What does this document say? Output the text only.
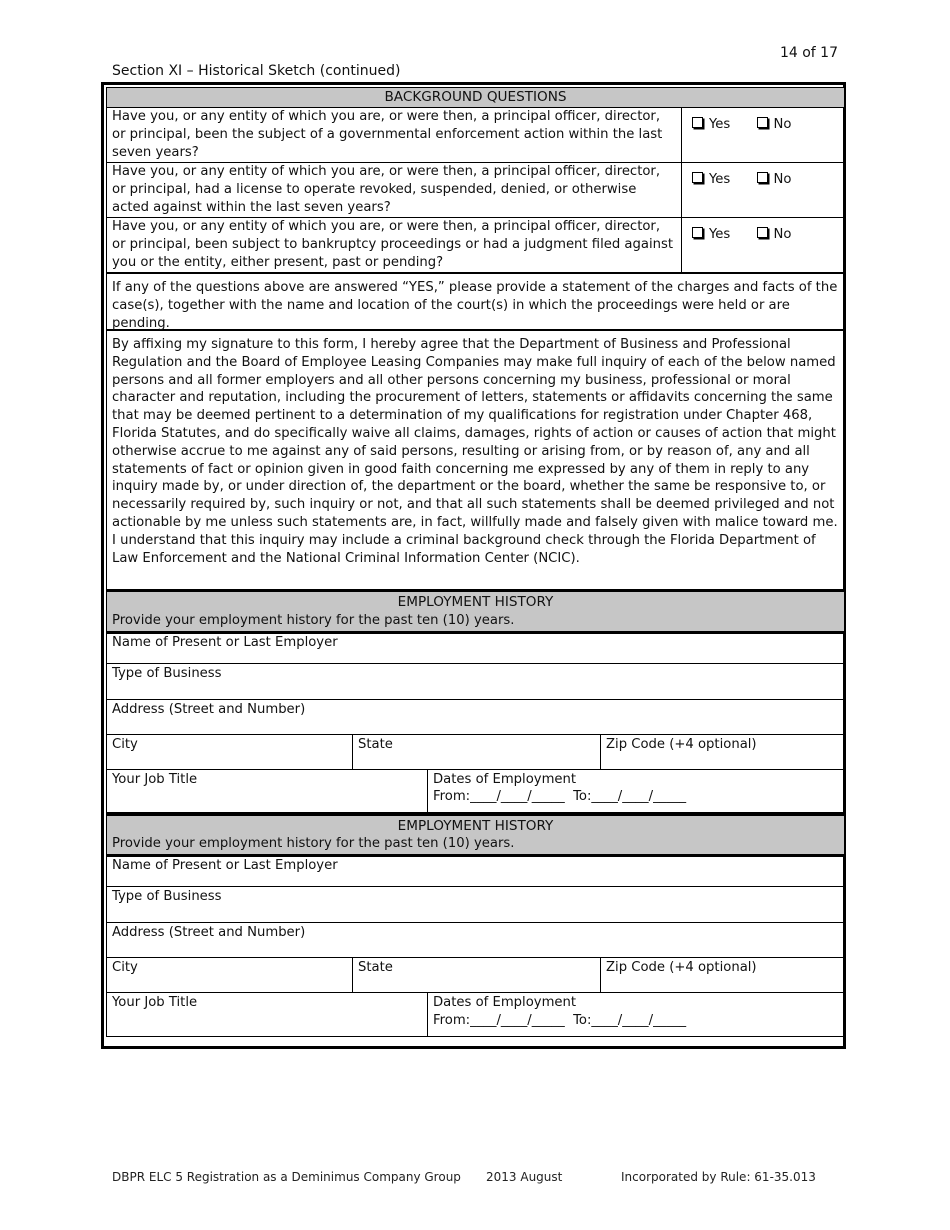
14 of 17
Section XI – Historical Sketch (continued)
BACKGROUND QUESTIONS
Have you, or any entity of which you are, or were then, a principal officer, director, or principal, been the subject of a governmental enforcement action within the last seven years?
Yes	No
Have you, or any entity of which you are, or were then, a principal officer, director, or principal, had a license to operate revoked, suspended, denied, or otherwise acted against within the last seven years?
Yes	No
Have you, or any entity of which you are, or were then, a principal officer, director, or principal, been subject to bankruptcy proceedings or had a judgment filed against you or the entity, either present, past or pending?
Yes	No
If any of the questions above are answered “YES,” please provide a statement of the charges and facts of the case(s), together with the name and location of the court(s) in which the proceedings were held or are pending.
By affixing my signature to this form, I hereby agree that the Department of Business and Professional Regulation and the Board of Employee Leasing Companies may make full inquiry of each of the below named persons and all former employers and all other persons concerning my business, professional or moral character and reputation, including the procurement of letters, statements or affidavits concerning the same that may be deemed pertinent to a determination of my qualifications for registration under Chapter 468, Florida Statutes, and do specifically waive all claims, damages, rights of action or causes of action that might otherwise accrue to me against any of said persons, resulting or arising from, or by reason of, any and all statements of fact or opinion given in good faith concerning me expressed by any of them in reply to any inquiry made by, or under direction of, the department or the board, whether the same be responsive to, or necessarily required by, such inquiry or not, and that all such statements shall be deemed privileged and not actionable by me unless such statements are, in fact, willfully made and falsely given with malice toward me. I understand that this inquiry may include a criminal background check through the Florida Department of Law Enforcement and the National Criminal Information Center (NCIC).
EMPLOYMENT HISTORY
Provide your employment history for the past ten (10) years.
Name of Present or Last Employer
Type of Business
Address (Street and Number)
City	State	Zip Code (+4 optional)
Your Job Title	Dates of Employment
From:____/____/_____  To:____/____/_____
EMPLOYMENT HISTORY
Provide your employment history for the past ten (10) years.
Name of Present or Last Employer
Type of Business
Address (Street and Number)
City	State	Zip Code (+4 optional)
Your Job Title	Dates of Employment
From:____/____/_____  To:____/____/_____
DBPR ELC 5 Registration as a Deminimus Company Group 2013 August	Incorporated by Rule: 61-35.013
